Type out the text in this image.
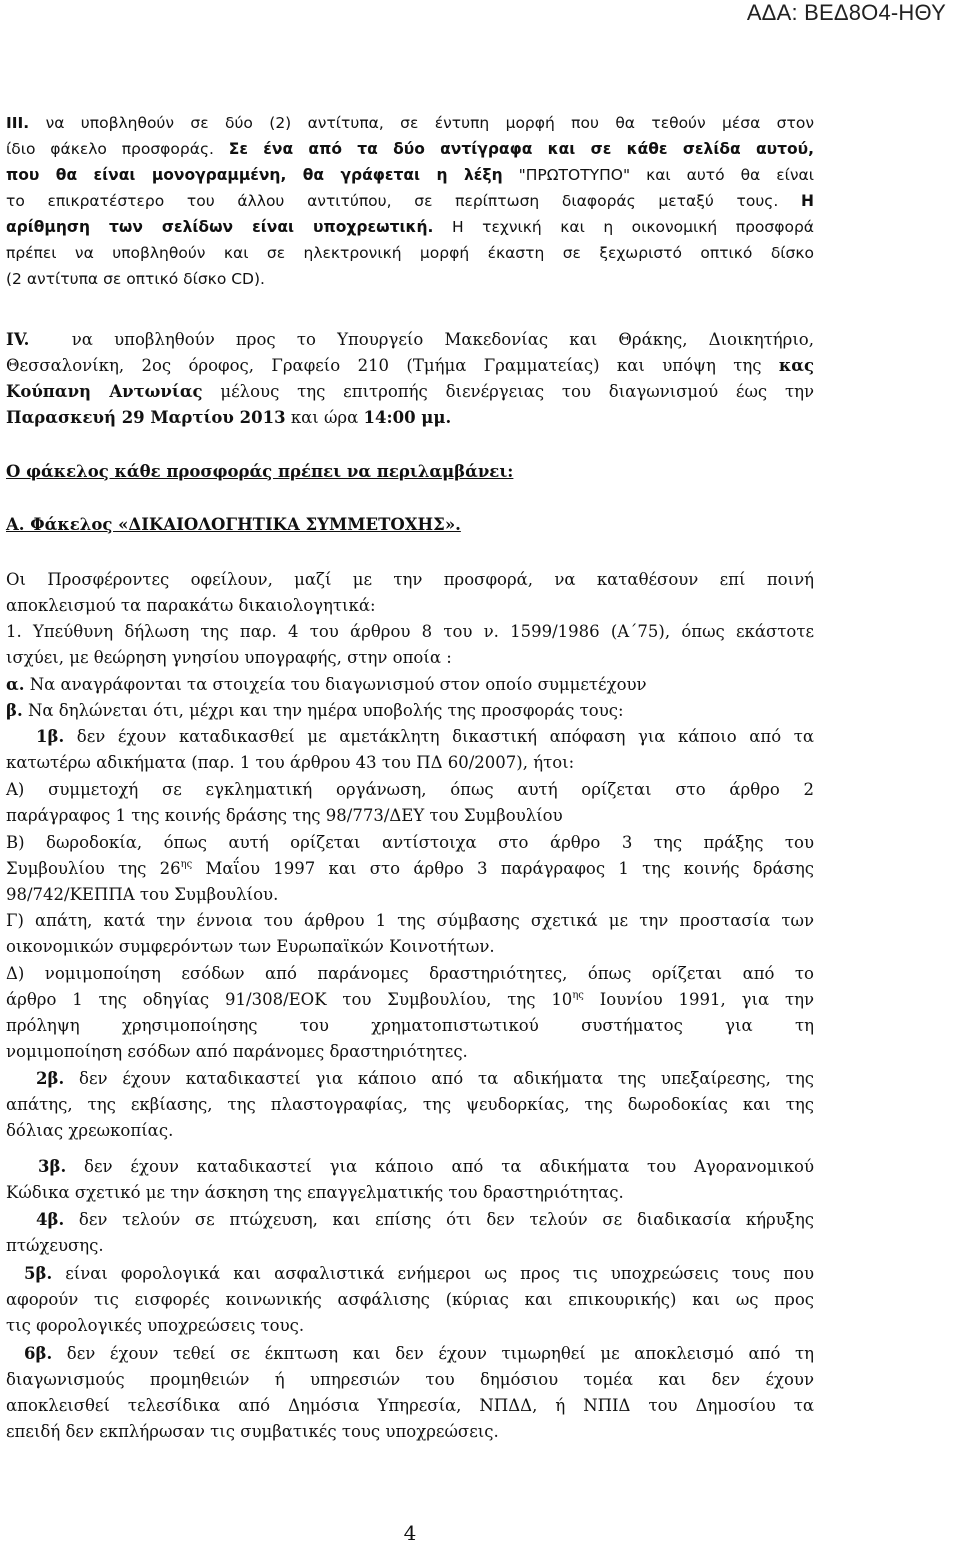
ΑΔΑ: ΒΕΔ8Ο4-ΗΘΥ
III. να υποβληθούν σε δύο (2) αντίτυπα, σε έντυπη μορφή που θα τεθούν μέσα στον
ίδιο φάκελο προσφοράς. Σε ένα από τα δύο αντίγραφα και σε κάθε σελίδα αυτού,
που θα είναι μονογραμμένη, θα γράφεται η λέξη "ΠΡΩΤΟΤΥΠΟ" και αυτό θα είναι
το επικρατέστερο του άλλου αντιτύπου, σε περίπτωση διαφοράς μεταξύ τους. Η
αρίθμηση των σελίδων είναι υποχρεωτική. Η τεχνική και η οικονομική προσφορά
πρέπει να υποβληθούν και σε ηλεκτρονική μορφή έκαστη σε ξεχωριστό οπτικό δίσκο
(2 αντίτυπα σε οπτικό δίσκο CD).
IV.	να υποβληθούν προς το Υπουργείο Μακεδονίας και Θράκης, Διοικητήριο,
Θεσσαλονίκη, 2ος όροφος, Γραφείο 210 (Τμήμα Γραμματείας) και υπόψη της κας
Κούπανη Αντωνίας μέλους της επιτροπής διενέργειας του διαγωνισμού έως την
Παρασκευή 29 Μαρτίου 2013 και ώρα 14:00 μμ.
Ο φάκελος κάθε προσφοράς πρέπει να περιλαμβάνει:
Α. Φάκελος «ΔΙΚΑΙΟΛΟΓΗΤΙΚΑ ΣΥΜΜΕΤΟΧΗΣ».
Οι Προσφέροντες οφείλουν, μαζί με την προσφορά, να καταθέσουν επί ποινή
αποκλεισμού τα παρακάτω δικαιολογητικά:
1. Υπεύθυνη δήλωση της παρ. 4 του άρθρου 8 του ν. 1599/1986 (Α΄75), όπως εκάστοτε
ισχύει, με θεώρηση γνησίου υπογραφής, στην οποία :
α. Να αναγράφονται τα στοιχεία του διαγωνισμού στον οποίο συμμετέχουν
β. Να δηλώνεται ότι, μέχρι και την ημέρα υποβολής της προσφοράς τους:
1β. δεν έχουν καταδικασθεί με αμετάκλητη δικαστική απόφαση για κάποιο από τα
κατωτέρω αδικήματα (παρ. 1 του άρθρου 43 του ΠΔ 60/2007), ήτοι:
Α) συμμετοχή σε εγκληματική οργάνωση, όπως αυτή ορίζεται στο άρθρο 2
παράγραφος 1 της κοινής δράσης της 98/773/ΔΕΥ του Συμβουλίου
Β) δωροδοκία, όπως αυτή ορίζεται αντίστοιχα στο άρθρο 3 της πράξης του
Συμβουλίου της $26^{\eta\varsigma}$ Μαΐου 1997 και στο άρθρο 3 παράγραφος 1 της κοινής δράσης
98/742/ΚΕΠΠΑ του Συμβουλίου.
Γ) απάτη, κατά την έννοια του άρθρου 1 της σύμβασης σχετικά με την προστασία των
οικονομικών συμφερόντων των Ευρωπαϊκών Κοινοτήτων.
Δ) νομιμοποίηση εσόδων από παράνομες δραστηριότητες, όπως ορίζεται από το
άρθρο 1 της οδηγίας 91/308/ΕΟΚ του Συμβουλίου, της $10^{\eta\varsigma}$ Ιουνίου 1991, για την
πρόληψη χρησιμοποίησης του χρηματοπιστωτικού συστήματος για τη
νομιμοποίηση εσόδων από παράνομες δραστηριότητες.
2β. δεν έχουν καταδικαστεί για κάποιο από τα αδικήματα της υπεξαίρεσης, της
απάτης, της εκβίασης, της πλαστογραφίας, της ψευδορκίας, της δωροδοκίας και της
δόλιας χρεωκοπίας.
3β. δεν έχουν καταδικαστεί για κάποιο από τα αδικήματα του Αγορανομικού
Κώδικα σχετικό με την άσκηση της επαγγελματικής του δραστηριότητας.
4β. δεν τελούν σε πτώχευση, και επίσης ότι δεν τελούν σε διαδικασία κήρυξης
πτώχευσης.
5β. είναι φορολογικά και ασφαλιστικά ενήμεροι ως προς τις υποχρεώσεις τους που
αφορούν τις εισφορές κοινωνικής ασφάλισης (κύριας και επικουρικής) και ως προς
τις φορολογικές υποχρεώσεις τους.
6β. δεν έχουν τεθεί σε έκπτωση και δεν έχουν τιμωρηθεί με αποκλεισμό από τη
διαγωνισμούς προμηθειών ή υπηρεσιών του δημόσιου τομέα και δεν έχουν
αποκλεισθεί τελεσίδικα από Δημόσια Υπηρεσία, ΝΠΔΔ, ή ΝΠΙΔ του Δημοσίου τα
επειδή δεν εκπλήρωσαν τις συμβατικές τους υποχρεώσεις.
4
